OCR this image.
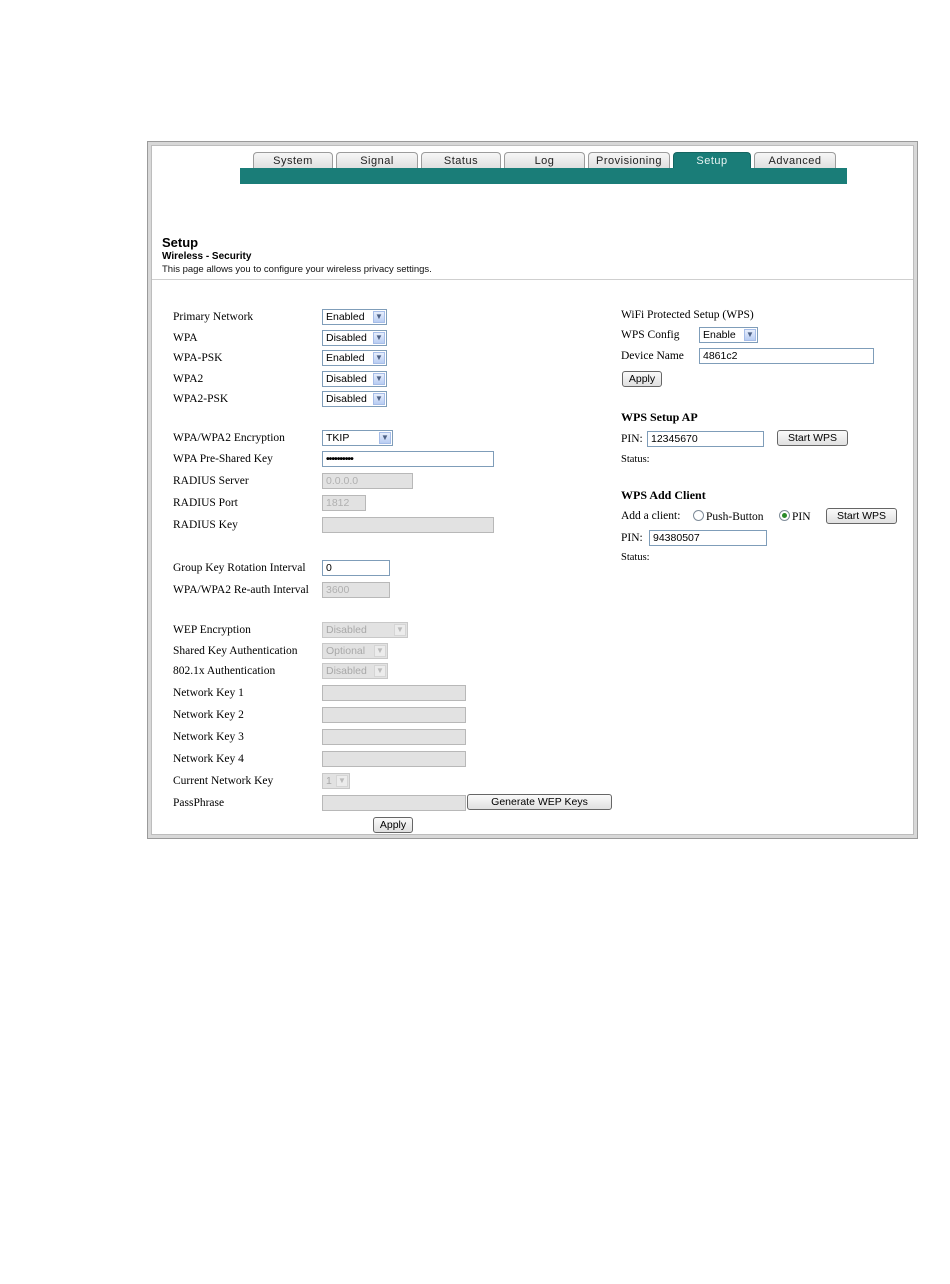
System	Signal	Status	Log	Provisioning	Setup	Advanced
Setup
Wireless - Security
This page allows you to configure your wireless privacy settings.
Primary Network	Enabled ▼
WPA	Disabled ▼
WPA-PSK	Enabled ▼
WPA2	Disabled ▼
WPA2-PSK	Disabled ▼
WPA/WPA2 Encryption	TKIP	▼
WPA Pre-Shared Key	••••••••••
RADIUS Server	0.0.0.0
RADIUS Port	1812
RADIUS Key
Group Key Rotation Interval	0
WPA/WPA2 Re-auth Interval	3600
WEP Encryption	Disabled	▼
Shared Key Authentication	Optional ▼
802.1x Authentication	Disabled ▼
Network Key 1
Network Key 2
Network Key 3
Network Key 4
Current Network Key	1 ▼
PassPhrase	Generate WEP Keys
Apply
WiFi Protected Setup (WPS)
WPS Config	Enable ▼
Device Name	4861c2
Apply
WPS Setup AP
PIN: 12345670	Start WPS
Status:
WPS Add Client
Add a client:	Push-Button	PIN	Start WPS
PIN: 94380507
Status:
